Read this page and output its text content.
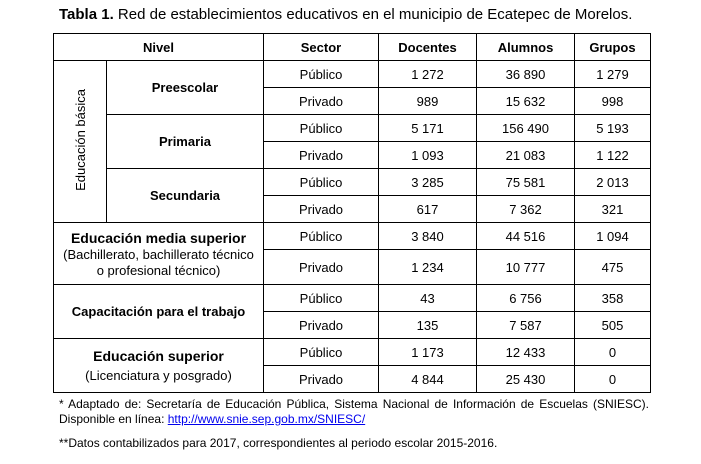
Tabla 1. Red de establecimientos educativos en el municipio de Ecatepec de Morelos.
Nivel		Sector	Docentes	Alumnos	Grupos
Educación básica	Preescolar	Público	1 272	36 890	1 279
		Privado	989	15 632	998
	Primaria	Público	5 171	156 490	5 193
		Privado	1 093	21 083	1 122
	Secundaria	Público	3 285	75 581	2 013
		Privado	617	7 362	321

Educación media superior
(Bachillerato, bachillerato técnico o profesional técnico)		Público	3 840	44 516	1 094
		Privado	1 234	10 777	475
Capacitación para el trabajo		Público	43	6 756	358
		Privado	135	7 587	505

Educación superior
(Licenciatura y posgrado)		Público	1 173	12 433	0
		Privado	4 844	25 430	0
* Adaptado de: Secretaría de Educación Pública, Sistema Nacional de Información de Escuelas (SNIESC). Disponible en línea: http://www.snie.sep.gob.mx/SNIESC/
**Datos contabilizados para 2017, correspondientes al periodo escolar 2015-2016.
